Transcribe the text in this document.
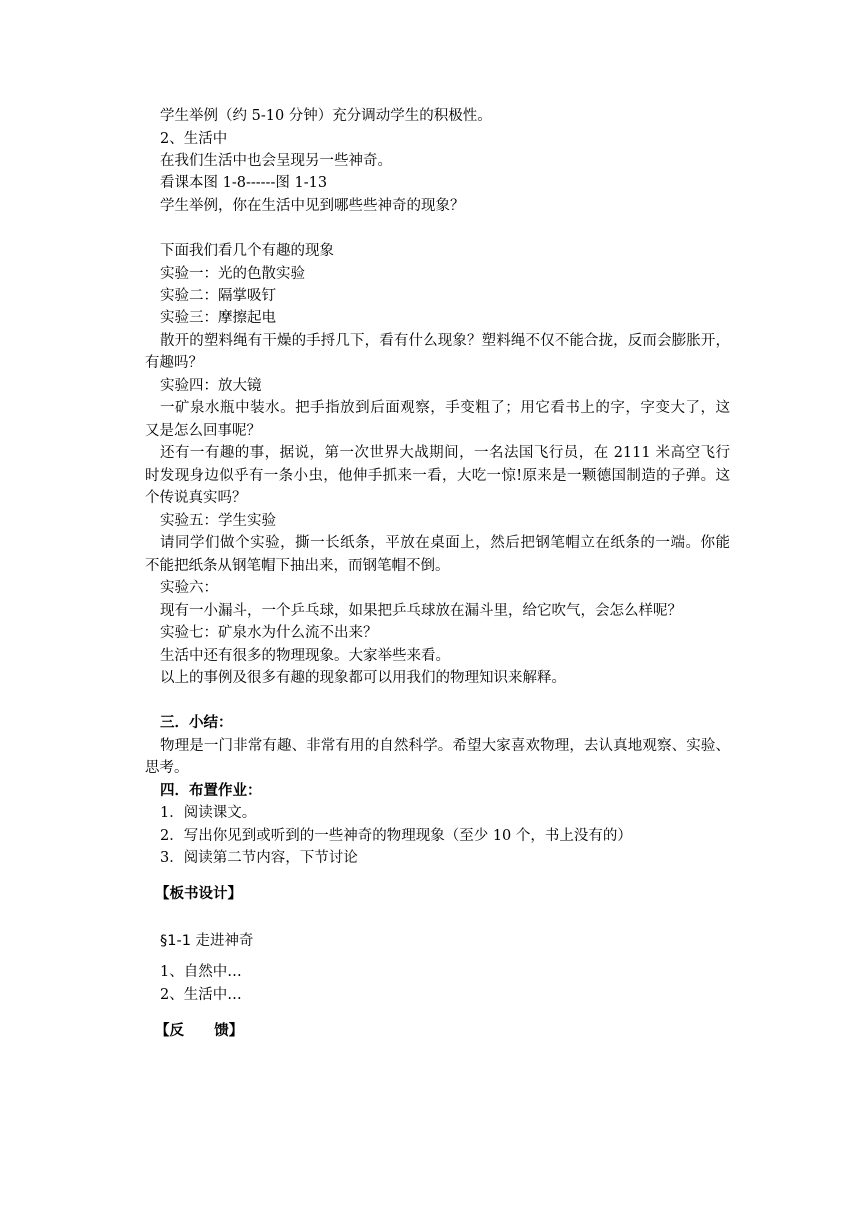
学生举例（约 5-10 分钟）充分调动学生的积极性。
2、生活中
在我们生活中也会呈现另一些神奇。
看课本图 1-8------图 1-13
学生举例，你在生活中见到哪些些神奇的现象？
下面我们看几个有趣的现象
实验一：光的色散实验
实验二：隔掌吸钉
实验三：摩擦起电
散开的塑料绳有干燥的手捋几下，看有什么现象？塑料绳不仅不能合拢，反而会膨胀开，
有趣吗？
实验四：放大镜
一矿泉水瓶中装水。把手指放到后面观察，手变粗了；用它看书上的字，字变大了，这
又是怎么回事呢？
还有一有趣的事，据说，第一次世界大战期间，一名法国飞行员，在 2111 米高空飞行
时发现身边似乎有一条小虫，他伸手抓来一看，大吃一惊!原来是一颗德国制造的子弹。这
个传说真实吗？
实验五：学生实验
请同学们做个实验，撕一长纸条，平放在桌面上，然后把钢笔帽立在纸条的一端。你能
不能把纸条从钢笔帽下抽出来，而钢笔帽不倒。
实验六：
现有一小漏斗，一个乒乓球，如果把乒乓球放在漏斗里，给它吹气，会怎么样呢？
实验七：矿泉水为什么流不出来？
生活中还有很多的物理现象。大家举些来看。
以上的事例及很多有趣的现象都可以用我们的物理知识来解释。
三．小结：
物理是一门非常有趣、非常有用的自然科学。希望大家喜欢物理，去认真地观察、实验、
思考。
四．布置作业：
1．阅读课文。
2．写出你见到或听到的一些神奇的物理现象（至少 10 个，书上没有的）
3．阅读第二节内容，下节讨论
【板书设计】
§1-1 走进神奇
1、自然中…
2、生活中…
【反      馈】
